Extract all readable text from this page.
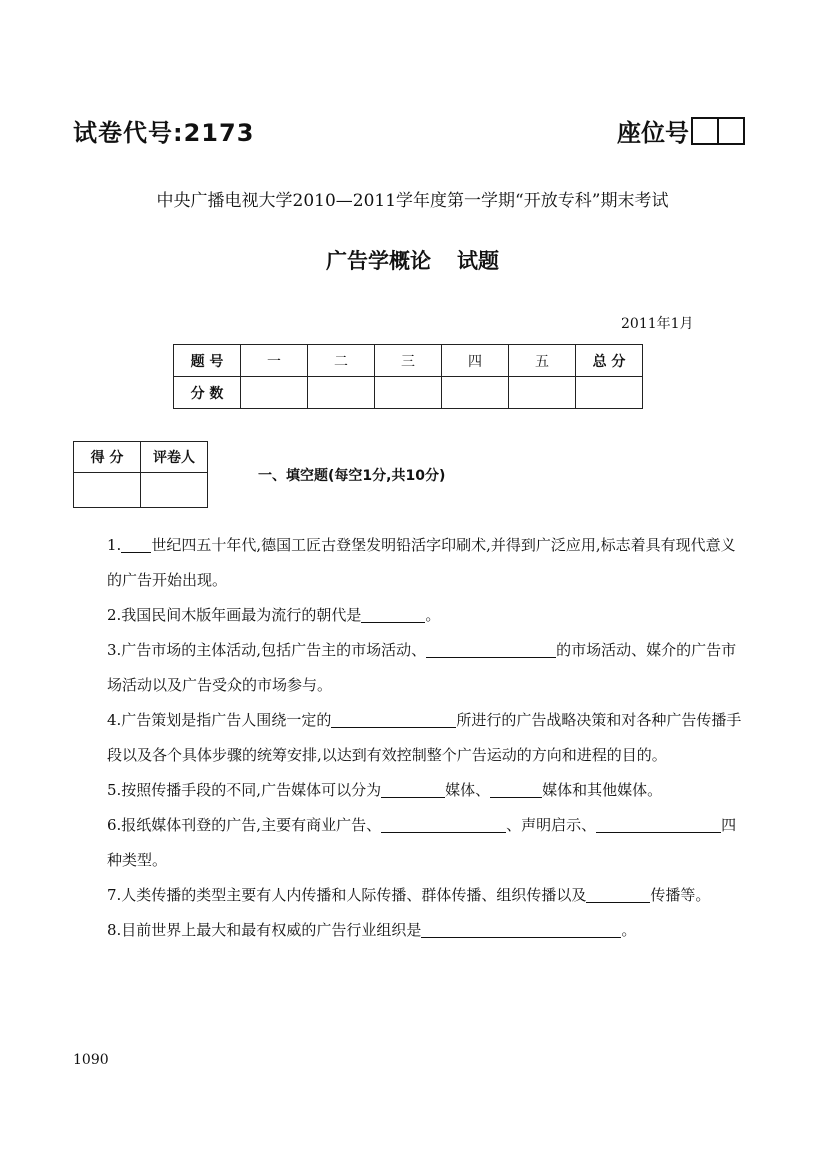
试卷代号:2173	座位号
中央广播电视大学2010—2011学年度第一学期“开放专科”期末考试
广告学概论 试题
2011年1月
题 号	一	二	三	四	五	总 分
分 数						
得 分	评卷人

一、填空题(每空1分,共10分)

1. 世纪四五十年代,德国工匠古登堡发明铅活字印刷术,并得到广泛应用,标志着具有现代意义的广告开始出现。

2.我国民间木版年画最为流行的朝代是	。

3.广告市场的主体活动,包括广告主的市场活动、	的市场活动、媒介的广告市场活动以及广告受众的市场参与。

4.广告策划是指广告人围绕一定的	所进行的广告战略决策和对各种广告传播手段以及各个具体步骤的统筹安排,以达到有效控制整个广告运动的方向和进程的目的。

5.按照传播手段的不同,广告媒体可以分为	媒体、	媒体和其他媒体。

6.报纸媒体刊登的广告,主要有商业广告、	、声明启示、	四种类型。

7.人类传播的类型主要有人内传播和人际传播、群体传播、组织传播以及	传播等。

8.目前世界上最大和最有权威的广告行业组织是	。

1090
